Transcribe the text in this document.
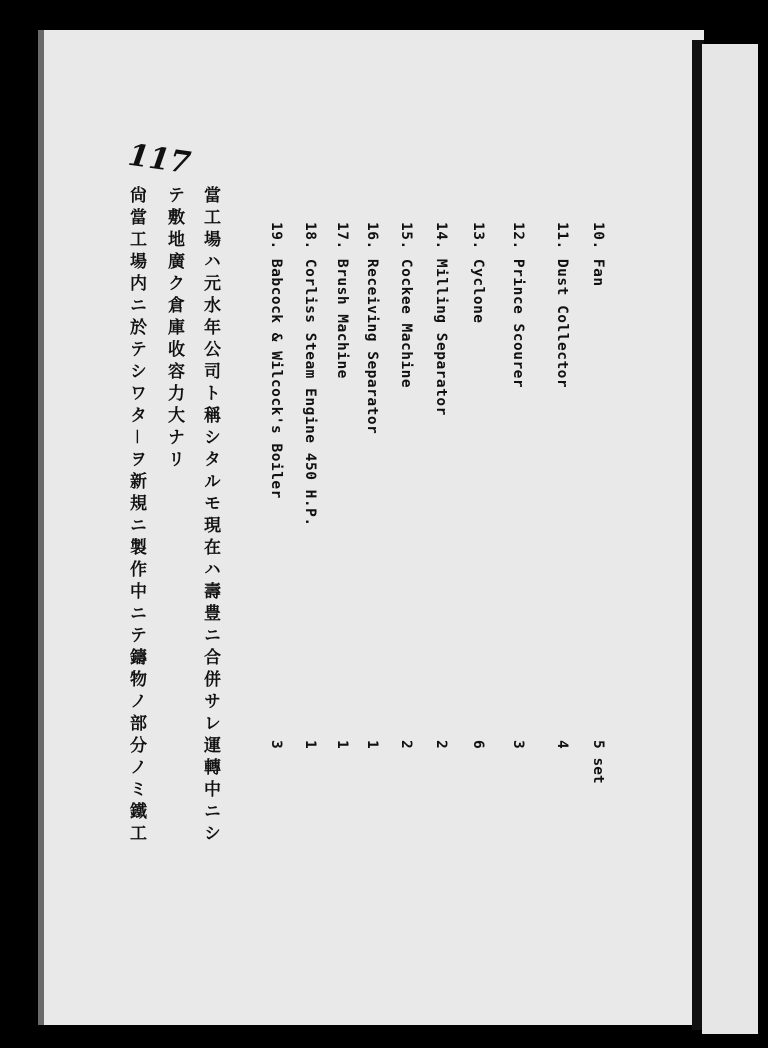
117
10. Fan
5 set
11. Dust Collector
4
12. Prince Scourer
3
13. Cyclone
6
14. Milling Separator
2
15. Cockee Machine
2
16. Receiving Separator
1
17. Brush Machine
1
18. Corliss Steam Engine 450 H.P.
1
19. Babcock & Wilcock's Boiler
3
當工場ハ元水年公司ト稱シタルモ現在ハ壽豊ニ合併サレ運轉中ニシ
テ敷地廣ク倉庫收容力大ナリ
尙當工場内ニ於テシワタ－ヲ新規ニ製作中ニテ鑄物ノ部分ノミ鐵工
